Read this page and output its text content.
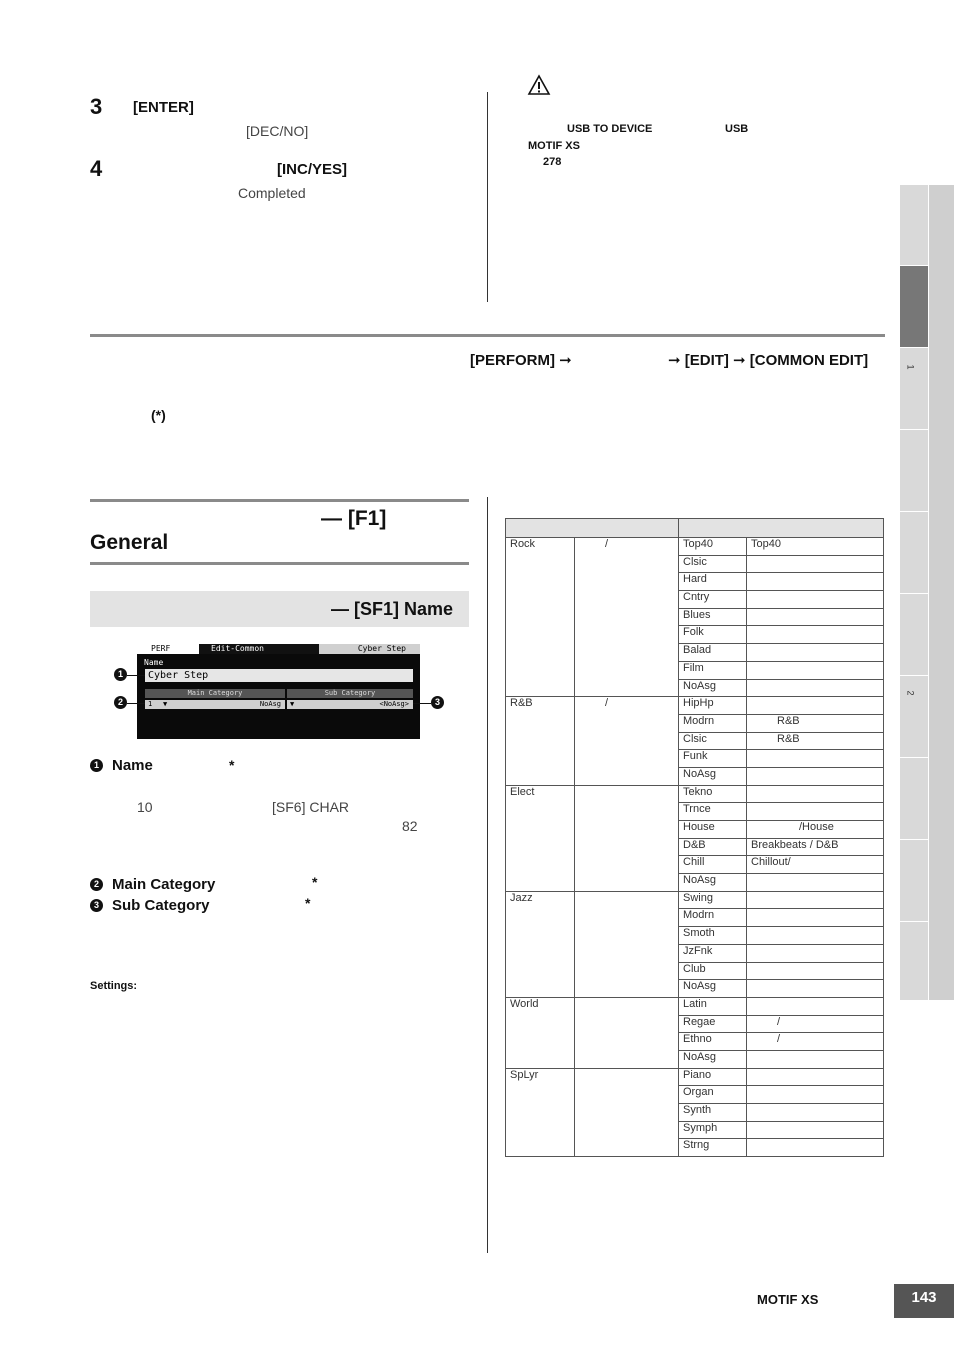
3 [ENTER]
[DEC/NO]
4	[INC/YES]
Completed
USB TO DEVICE	USB
MOTIF XS
278
[PERFORM] ➞	➞ [EDIT] ➞ [COMMON EDIT]
(*)
— [F1]
General
— [SF1] Name
PERF	Edit-Common	Cyber Step
Name
Cyber Step
Main Category	Sub Category
1 ▼	NoAsg ▼	<NoAsg>
1
2	3
1 Name	*
10	[SF6] CHAR
82
2 Main Category	*
3 Sub Category	*
Settings:

Rock	/	Top40	Top40
		Clsic	
		Hard	
		Cntry	
		Blues	
		Folk	
		Balad	
		Film	
		NoAsg	
R&B	/	HipHp	
		Modrn	R&B
		Clsic	R&B
		Funk	
		NoAsg	
Elect		Tekno	
		Trnce	
		House	/House
		D&B	Breakbeats / D&B
		Chill	Chillout/
		NoAsg	
Jazz		Swing	
		Modrn	
		Smoth	
		JzFnk	
		Club	
		NoAsg	
World		Latin	
		Regae	/
		Ethno	/
		NoAsg	
SpLyr		Piano	
		Organ	
		Synth	
		Symph	
		Strng	
1
2
MOTIF XS	143
